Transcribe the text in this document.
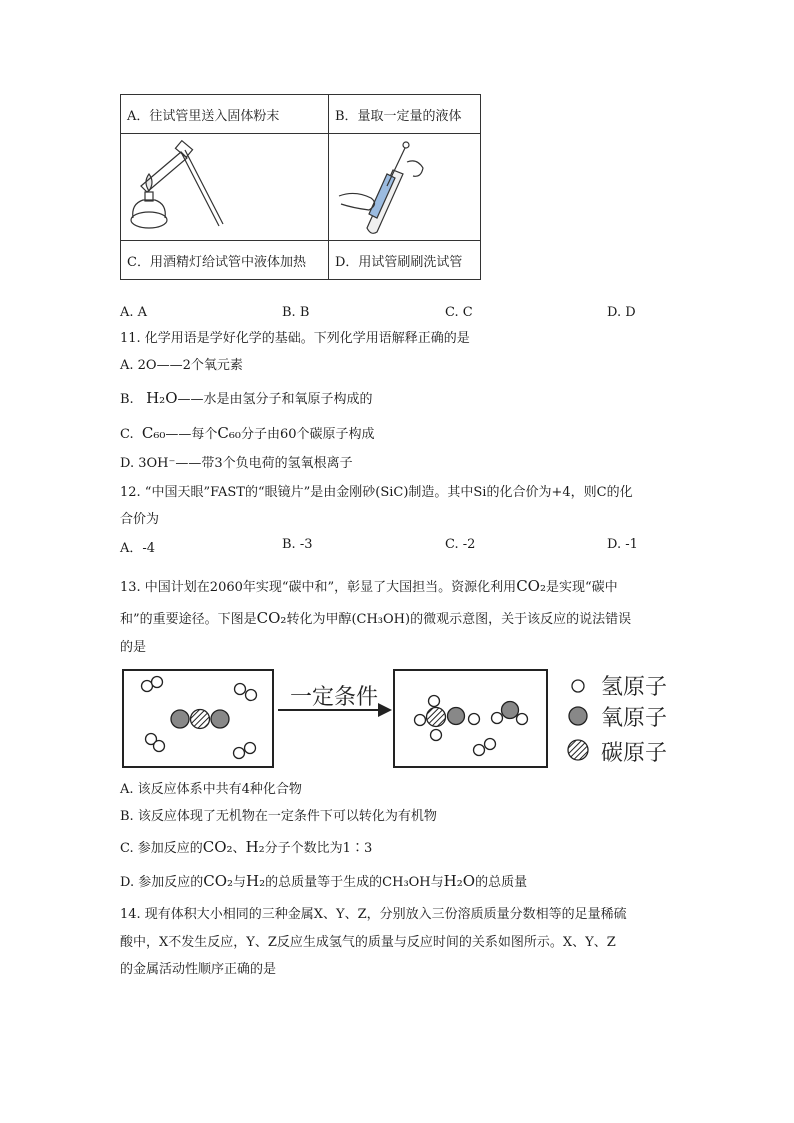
A．往试管里送入固体粉末	B．量取一定量的液体

C．用酒精灯给试管中液体加热	D．用试管刷刷洗试管
A. A	B. B	C. C	D. D
11. 化学用语是学好化学的基础。下列化学用语解释正确的是
A. 2O——2个氧元素
B.   H₂O——水是由氢分子和氧原子构成的
C.  C₆₀——每个C₆₀分子由60个碳原子构成
D. 3OH⁻——带3个负电荷的氢氧根离子
12. “中国天眼”FAST的“眼镜片”是由金刚砂(SiC)制造。其中Si的化合价为+4，则C的化
合价为
A．-4	B. -3	C. -2	D. -1
13. 中国计划在2060年实现“碳中和”，彰显了大国担当。资源化利用CO₂是实现“碳中
和”的重要途径。下图是CO₂转化为甲醇(CH₃OH)的微观示意图，关于该反应的说法错误
的是
一定条件	氢原子
氧原子
碳原子
A. 该反应体系中共有4种化合物
B. 该反应体现了无机物在一定条件下可以转化为有机物
C. 参加反应的CO₂、H₂分子个数比为1∶3
D. 参加反应的CO₂与H₂的总质量等于生成的CH₃OH与H₂O的总质量
14. 现有体积大小相同的三种金属X、Y、Z，分别放入三份溶质质量分数相等的足量稀硫
酸中，X不发生反应，Y、Z反应生成氢气的质量与反应时间的关系如图所示。X、Y、Z
的金属活动性顺序正确的是
